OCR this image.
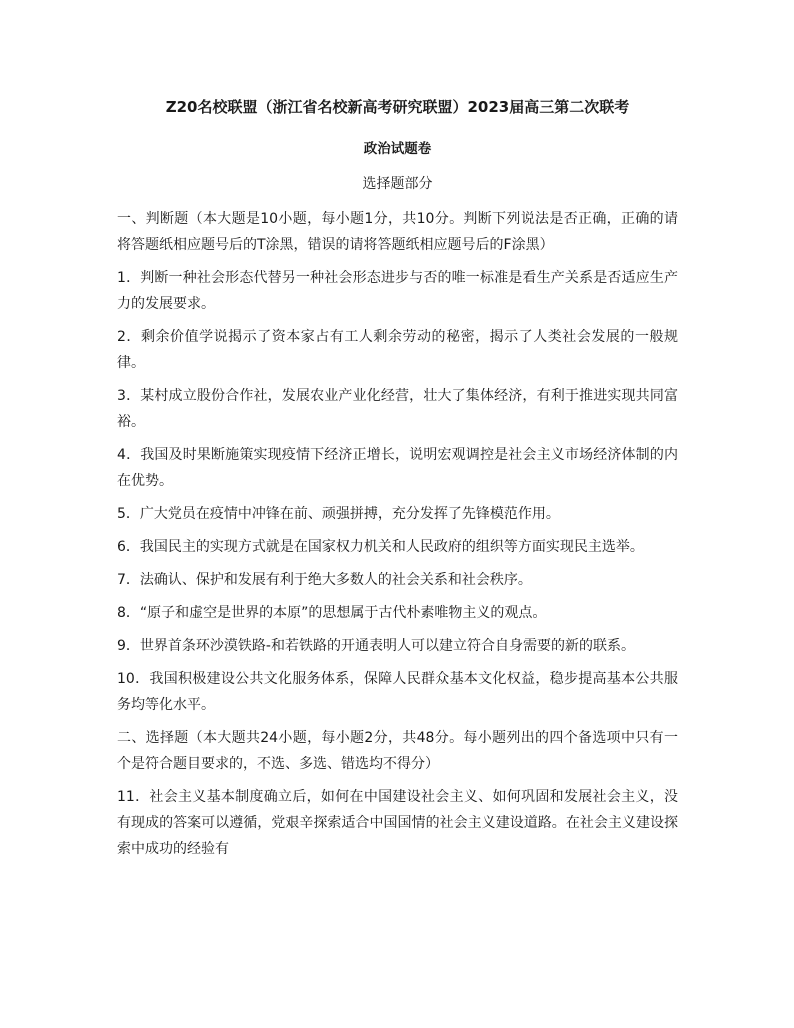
Z20名校联盟（浙江省名校新高考研究联盟）2023届高三第二次联考
政治试题卷
选择题部分

一、判断题（本大题是10小题，每小题1分，共10分。判断下列说法是否正确，正确的请将答题纸相应题号后的T涂黑，错误的请将答题纸相应题号后的F涂黑）

1．判断一种社会形态代替另一种社会形态进步与否的唯一标准是看生产关系是否适应生产力的发展要求。

2．剩余价值学说揭示了资本家占有工人剩余劳动的秘密，揭示了人类社会发展的一般规律。

3．某村成立股份合作社，发展农业产业化经营，壮大了集体经济，有利于推进实现共同富裕。

4．我国及时果断施策实现疫情下经济正增长，说明宏观调控是社会主义市场经济体制的内在优势。

5．广大党员在疫情中冲锋在前、顽强拼搏，充分发挥了先锋模范作用。

6．我国民主的实现方式就是在国家权力机关和人民政府的组织等方面实现民主选举。

7．法确认、保护和发展有利于绝大多数人的社会关系和社会秩序。

8．“原子和虚空是世界的本原”的思想属于古代朴素唯物主义的观点。

9．世界首条环沙漠铁路-和若铁路的开通表明人可以建立符合自身需要的新的联系。

10．我国积极建设公共文化服务体系，保障人民群众基本文化权益，稳步提高基本公共服务均等化水平。

二、选择题（本大题共24小题，每小题2分，共48分。每小题列出的四个备选项中只有一个是符合题目要求的，不选、多选、错选均不得分）

11．社会主义基本制度确立后，如何在中国建设社会主义、如何巩固和发展社会主义，没有现成的答案可以遵循，党艰辛探索适合中国国情的社会主义建设道路。在社会主义建设探索中成功的经验有
